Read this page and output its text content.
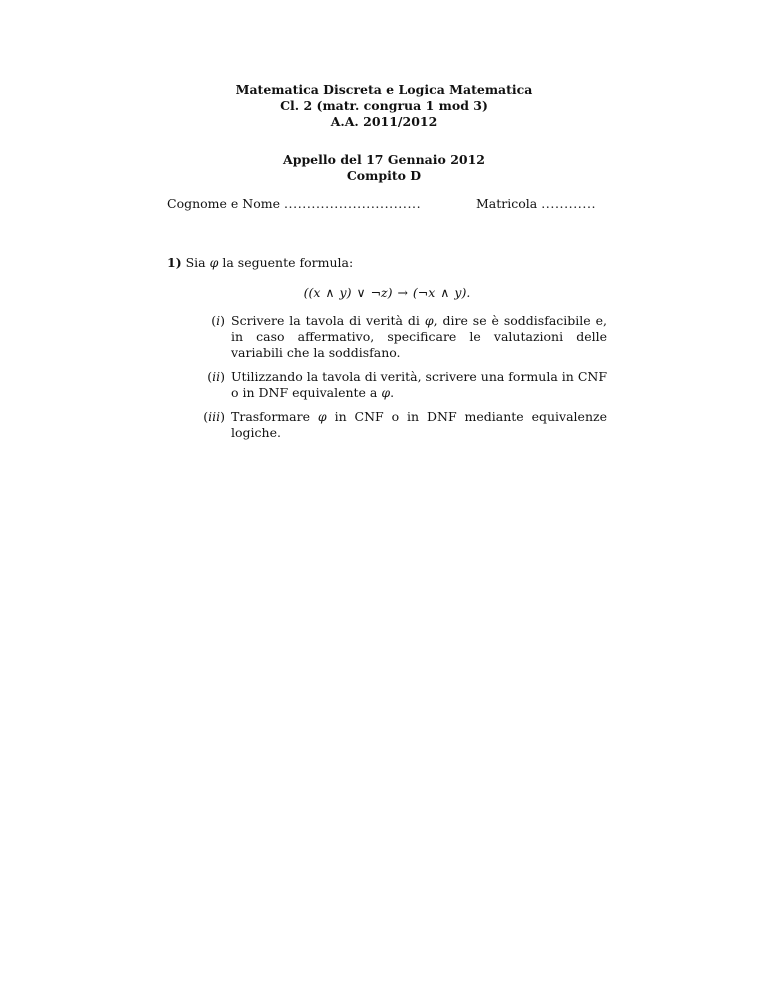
Matematica Discreta e Logica Matematica
Cl. 2 (matr. congrua 1 mod 3)
A.A. 2011/2012
Appello del 17 Gennaio 2012
Compito D
Cognome e Nome ..............................	Matricola ............
1) Sia φ la seguente formula:
((x ∧ y) ∨ ¬z) → (¬x ∧ y).
(i) Scrivere la tavola di verità di φ, dire se è soddisfacibile e, in caso affermativo, specificare le valutazioni delle variabili che la soddisfano.
(ii) Utilizzando la tavola di verità, scrivere una formula in CNF o in DNF equivalente a φ.
(iii) Trasformare φ in CNF o in DNF mediante equivalenze logiche.
